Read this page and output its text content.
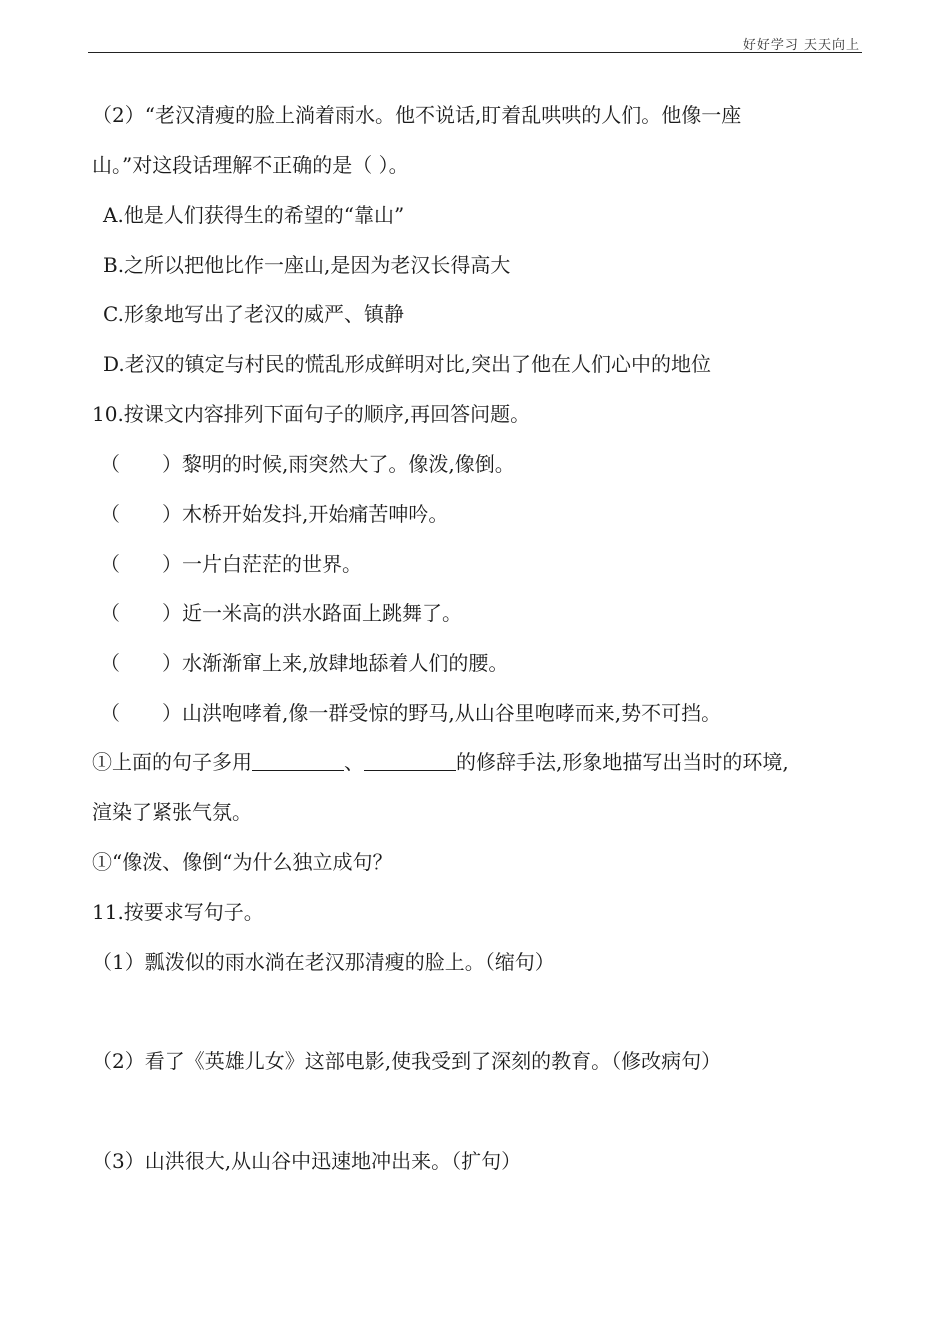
好好学习 天天向上
（2）“老汉清瘦的脸上淌着雨水。他不说话,盯着乱哄哄的人们。他像一座
山。”对这段话理解不正确的是（ ）。
A.他是人们获得生的希望的“靠山”
B.之所以把他比作一座山,是因为老汉长得高大
C.形象地写出了老汉的威严、镇静
D.老汉的镇定与村民的慌乱形成鲜明对比,突出了他在人们心中的地位
10.按课文内容排列下面句子的顺序,再回答问题。
（ ）黎明的时候,雨突然大了。像泼,像倒。
（ ）木桥开始发抖,开始痛苦呻吟。
（ ）一片白茫茫的世界。
（ ）近一米高的洪水路面上跳舞了。
（ ）水渐渐窜上来,放肆地舔着人们的腰。
（ ）山洪咆哮着,像一群受惊的野马,从山谷里咆哮而来,势不可挡。
①上面的句子多用	、	的修辞手法,形象地描写出当时的环境,
渲染了紧张气氛。
①“像泼、像倒“为什么独立成句？
11.按要求写句子。
（1）瓢泼似的雨水淌在老汉那清瘦的脸上。（缩句）
（2）看了《英雄儿女》这部电影,使我受到了深刻的教育。（修改病句）
（3）山洪很大,从山谷中迅速地冲出来。（扩句）
